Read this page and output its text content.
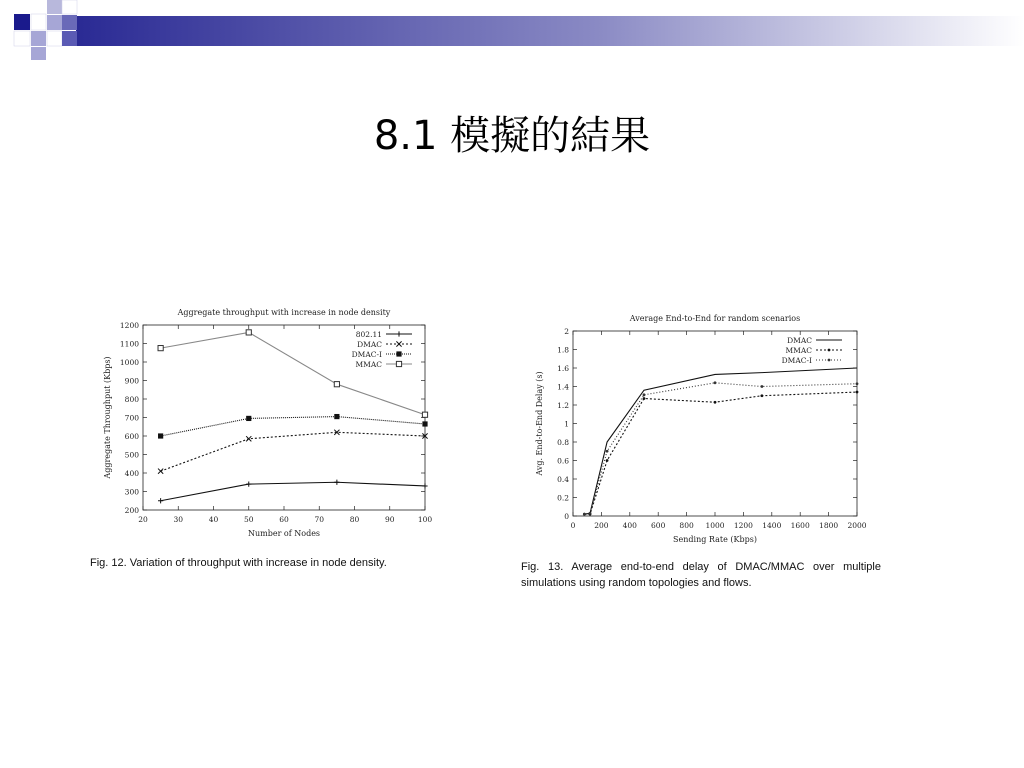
8.1 模擬的結果
Aggregate throughput with increase in node density
20	30	40	50	60	70	80	90	100
200
300
400
500
600
700
800
900
1000
1100
1200
Number of Nodes
Aggregate Throughput (Kbps)
802.11
DMAC
DMAC-I
MMAC
Average End-to-End for random scenarios
0	200 400 600 800 1000 1200 1400 1600 1800 2000
0
0.2
0.4
0.6
0.8
1
1.2
1.4
1.6
1.8
2
Sending Rate (Kbps)
Avg. End-to-End Delay (s)
DMAC
MMAC
DMAC-I
Fig. 12. Variation of throughput with increase in node density.	Fig. 13. Average end-to-end delay of DMAC/MMAC over multiple simulations using random topologies and flows.
